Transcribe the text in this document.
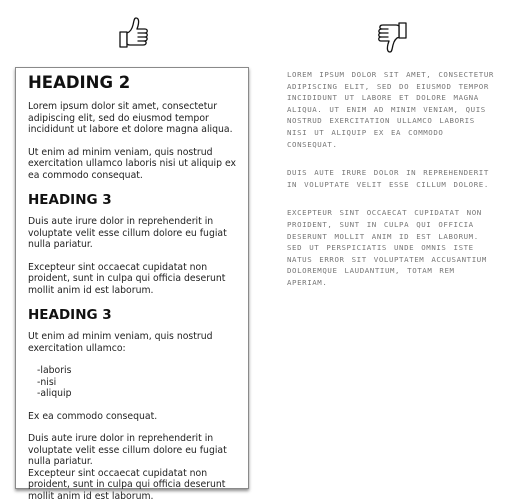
HEADING 2

Lorem ipsum dolor sit amet, consectetur adipiscing elit, sed do eiusmod tempor incididunt ut labore et dolore magna aliqua.

Ut enim ad minim veniam, quis nostrud exercitation ullamco laboris nisi ut aliquip ex ea commodo consequat.

HEADING 3

Duis aute irure dolor in reprehenderit in voluptate velit esse cillum dolore eu fugiat nulla pariatur.

Excepteur sint occaecat cupidatat non proident, sunt in culpa qui officia deserunt mollit anim id est laborum.

HEADING 3

Ut enim ad minim veniam, quis nostrud exercitation ullamco:

-laboris
-nisi
-aliquip

Ex ea commodo consequat.

Duis aute irure dolor in reprehenderit in voluptate velit esse cillum dolore eu fugiat nulla pariatur.

Excepteur sint occaecat cupidatat non proident, sunt in culpa qui officia deserunt mollit anim id est laborum.

LOREM IPSUM DOLOR SIT AMET, CONSECTETUR ADIPISCING ELIT, SED DO EIUSMOD TEMPOR INCIDIDUNT UT LABORE ET DOLORE MAGNA ALIQUA. UT ENIM AD MINIM VENIAM, QUIS NOSTRUD EXERCITATION ULLAMCO LABORIS NISI UT ALIQUIP EX EA COMMODO CONSEQUAT.

DUIS AUTE IRURE DOLOR IN REPREHENDERIT IN VOLUPTATE VELIT ESSE CILLUM DOLORE.

EXCEPTEUR SINT OCCAECAT CUPIDATAT NON PROIDENT, SUNT IN CULPA QUI OFFICIA DESERUNT MOLLIT ANIM ID EST LABORUM. SED UT PERSPICIATIS UNDE OMNIS ISTE NATUS ERROR SIT VOLUPTATEM ACCUSANTIUM DOLOREMQUE LAUDANTIUM, TOTAM REM APERIAM.
